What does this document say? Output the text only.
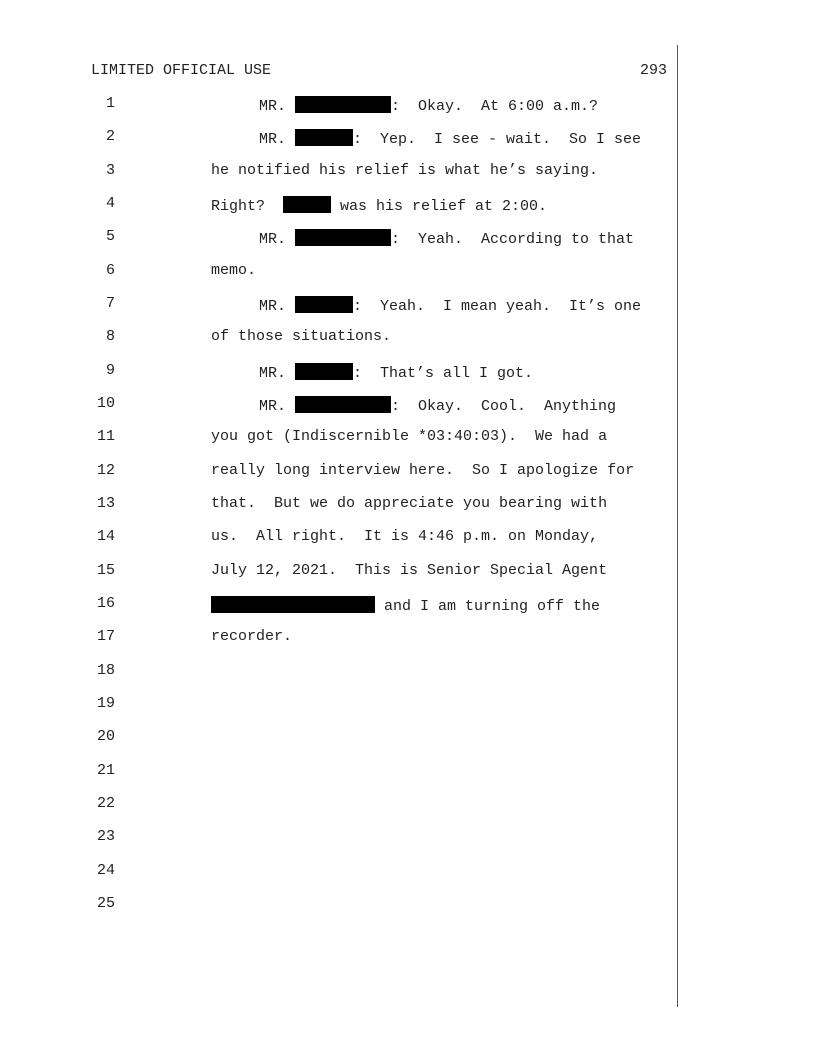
LIMITED OFFICIAL USE	293
1
2
3
4
5
6
7
8
9
10
11
12
13
14
15
16
17
18
19
20
21
22
23
24
25
MR.	:  Okay.  At 6:00 a.m.?
MR.	:  Yep.  I see - wait.  So I see
he notified his relief is what he’s saying.
Right?	was his relief at 2:00.
MR.	:  Yeah.  According to that
memo.
MR.	:  Yeah.  I mean yeah.  It’s one
of those situations.
MR.	:  That’s all I got.
MR.	:  Okay.  Cool.  Anything
you got (Indiscernible *03:40:03).  We had a
really long interview here.  So I apologize for
that.  But we do appreciate you bearing with
us.  All right.  It is 4:46 p.m. on Monday,
July 12, 2021.  This is Senior Special Agent
and I am turning off the
recorder.
